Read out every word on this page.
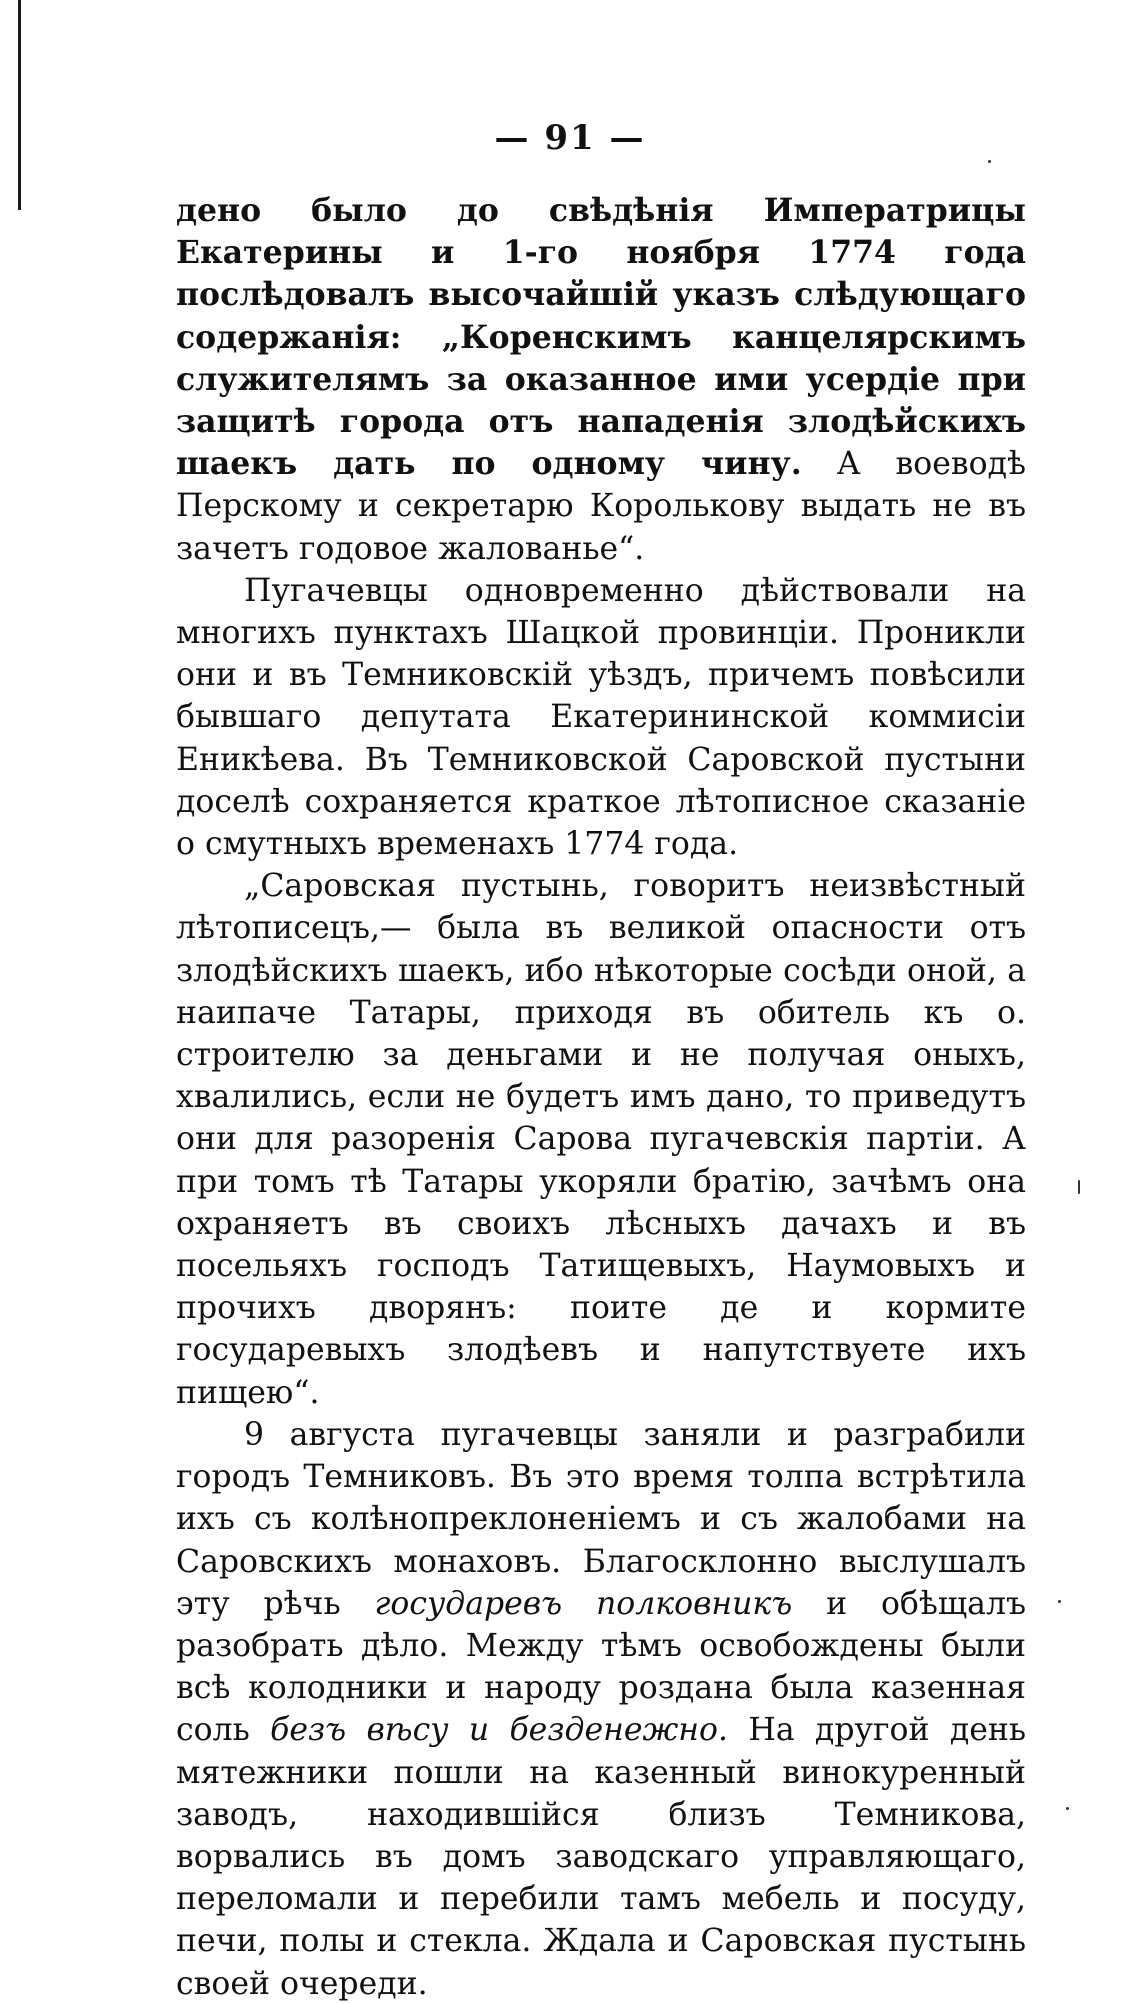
— 91 —

дено было до свѣдѣнія Императрицы Екатерины и 1-го ноября 1774 года послѣдовалъ высочайшій указъ слѣдующаго содержанія: „Коренскимъ канцелярскимъ служителямъ за оказанное ими усердіе при защитѣ города отъ нападенія злодѣйскихъ шаекъ дать по одному чину. А воеводѣ Перскому и секретарю Королькову выдать не въ зачетъ годовое жалованье“.

Пугачевцы одновременно дѣйствовали на многихъ пунктахъ Шацкой провинціи. Проникли они и въ Темниковскій уѣздъ, причемъ повѣсили бывшаго депутата Екатерининской коммисіи Еникѣева. Въ Темниковской Саровской пустыни доселѣ сохраняется краткое лѣтописное сказаніе о смутныхъ временахъ 1774 года.

„Саровская пустынь, говоритъ неизвѣстный лѣтописецъ,— была въ великой опасности отъ злодѣйскихъ шаекъ, ибо нѣкоторые сосѣди оной, а наипаче Татары, приходя въ обитель къ о. строителю за деньгами и не получая оныхъ, хвалились, если не будетъ имъ дано, то приведутъ они для разоренія Сарова пугачевскія партіи. А при томъ тѣ Татары укоряли братію, зачѣмъ она охраняетъ въ своихъ лѣсныхъ дачахъ и въ посельяхъ господъ Татищевыхъ, Наумовыхъ и прочихъ дворянъ: поите де и кормите государевыхъ злодѣевъ и напутствуете ихъ пищею“.

9 августа пугачевцы заняли и разграбили городъ Темниковъ. Въ это время толпа встрѣтила ихъ съ колѣнопреклоненіемъ и съ жалобами на Саровскихъ монаховъ. Благосклонно выслушалъ эту рѣчь государевъ полковникъ и обѣщалъ разобрать дѣло. Между тѣмъ освобождены были всѣ колодники и народу роздана была казенная соль безъ вѣсу и безденежно. На другой день мятежники пошли на казенный винокуренный заводъ, находившійся близъ Темникова, ворвались въ домъ заводскаго управляющаго, переломали и перебили тамъ мебель и посуду, печи, полы и стекла. Ждала и Саровская пустынь своей очереди.
